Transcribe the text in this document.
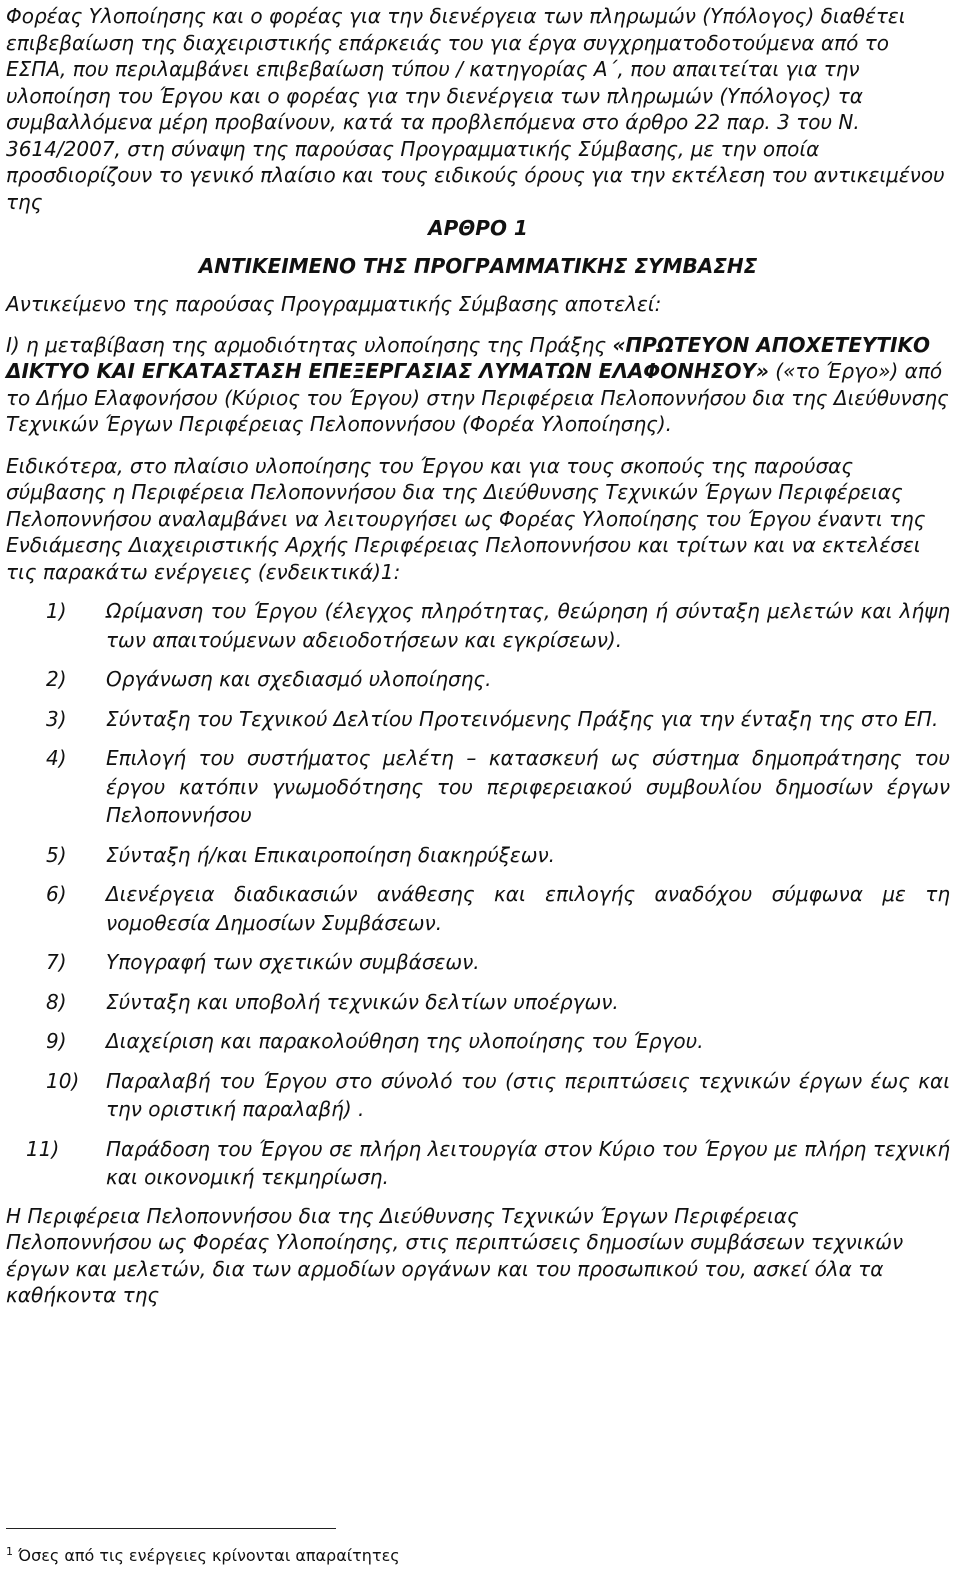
Φορέας Υλοποίησης και ο φορέας για την διενέργεια των πληρωμών (Υπόλογος) διαθέτει επιβεβαίωση της διαχειριστικής επάρκειάς του για έργα συγχρηματοδοτούμενα από το ΕΣΠΑ, που περιλαμβάνει επιβεβαίωση τύπου / κατηγορίας Α΄, που απαιτείται για την υλοποίηση του Έργου και ο φορέας για την διενέργεια των πληρωμών (Υπόλογος) τα συμβαλλόμενα μέρη προβαίνουν, κατά τα προβλεπόμενα στο άρθρο 22 παρ. 3 του Ν. 3614/2007, στη σύναψη της παρούσας Προγραμματικής Σύμβασης, με την οποία προσδιορίζουν το γενικό πλαίσιο και τους ειδικούς όρους για την εκτέλεση του αντικειμένου της

ΑΡΘΡΟ 1

ΑΝΤΙΚΕΙΜΕΝΟ ΤΗΣ ΠΡΟΓΡΑΜΜΑΤΙΚΗΣ ΣΥΜΒΑΣΗΣ

Αντικείμενο της παρούσας Προγραμματικής Σύμβασης αποτελεί:

Ι) η μεταβίβαση της αρμοδιότητας υλοποίησης της Πράξης «ΠΡΩΤΕΥΟΝ ΑΠΟΧΕΤΕΥΤΙΚΟ ΔΙΚΤΥΟ ΚΑΙ ΕΓΚΑΤΑΣΤΑΣΗ ΕΠΕΞΕΡΓΑΣΙΑΣ ΛΥΜΑΤΩΝ ΕΛΑΦΟΝΗΣΟΥ» («το Έργο») από το Δήμο Ελαφονήσου (Κύριος του Έργου) στην Περιφέρεια Πελοποννήσου δια της Διεύθυνσης Τεχνικών Έργων Περιφέρειας Πελοποννήσου (Φορέα Υλοποίησης).

Ειδικότερα, στο πλαίσιο υλοποίησης του Έργου και για τους σκοπούς της παρούσας σύμβασης η Περιφέρεια Πελοποννήσου δια της Διεύθυνσης Τεχνικών Έργων Περιφέρειας Πελοποννήσου αναλαμβάνει να λειτουργήσει ως Φορέας Υλοποίησης του Έργου έναντι της Ενδιάμεσης Διαχειριστικής Αρχής Περιφέρειας Πελοποννήσου και τρίτων και να εκτελέσει τις παρακάτω ενέργειες (ενδεικτικά)1:

1)	Ωρίμανση του Έργου (έλεγχος πληρότητας, θεώρηση ή σύνταξη μελετών και λήψη των απαιτούμενων αδειοδοτήσεων και εγκρίσεων).
2)	Οργάνωση και σχεδιασμό υλοποίησης.
3)	Σύνταξη του Τεχνικού Δελτίου Προτεινόμενης Πράξης για την ένταξη της στο ΕΠ.
4)	Επιλογή του συστήματος μελέτη – κατασκευή ως σύστημα δημοπράτησης του έργου κατόπιν γνωμοδότησης του περιφερειακού συμβουλίου δημοσίων έργων Πελοποννήσου
5)	Σύνταξη ή/και Επικαιροποίηση διακηρύξεων.
6)	Διενέργεια διαδικασιών ανάθεσης και επιλογής αναδόχου σύμφωνα με τη νομοθεσία Δημοσίων Συμβάσεων.
7)	Υπογραφή των σχετικών συμβάσεων.
8)	Σύνταξη και υποβολή τεχνικών δελτίων υποέργων.
9)	Διαχείριση και παρακολούθηση της υλοποίησης του Έργου.
10)	Παραλαβή του Έργου στο σύνολό του (στις περιπτώσεις τεχνικών έργων έως και την οριστική παραλαβή) .
11)	Παράδοση του Έργου σε πλήρη λειτουργία στον Κύριο του Έργου με πλήρη τεχνική και οικονομική τεκμηρίωση.

Η Περιφέρεια Πελοποννήσου δια της Διεύθυνσης Τεχνικών Έργων Περιφέρειας Πελοποννήσου ως Φορέας Υλοποίησης, στις περιπτώσεις δημοσίων συμβάσεων τεχνικών έργων και μελετών, δια των αρμοδίων οργάνων και του προσωπικού του, ασκεί όλα τα καθήκοντα της

$^1$ Όσες από τις ενέργειες κρίνονται απαραίτητες
